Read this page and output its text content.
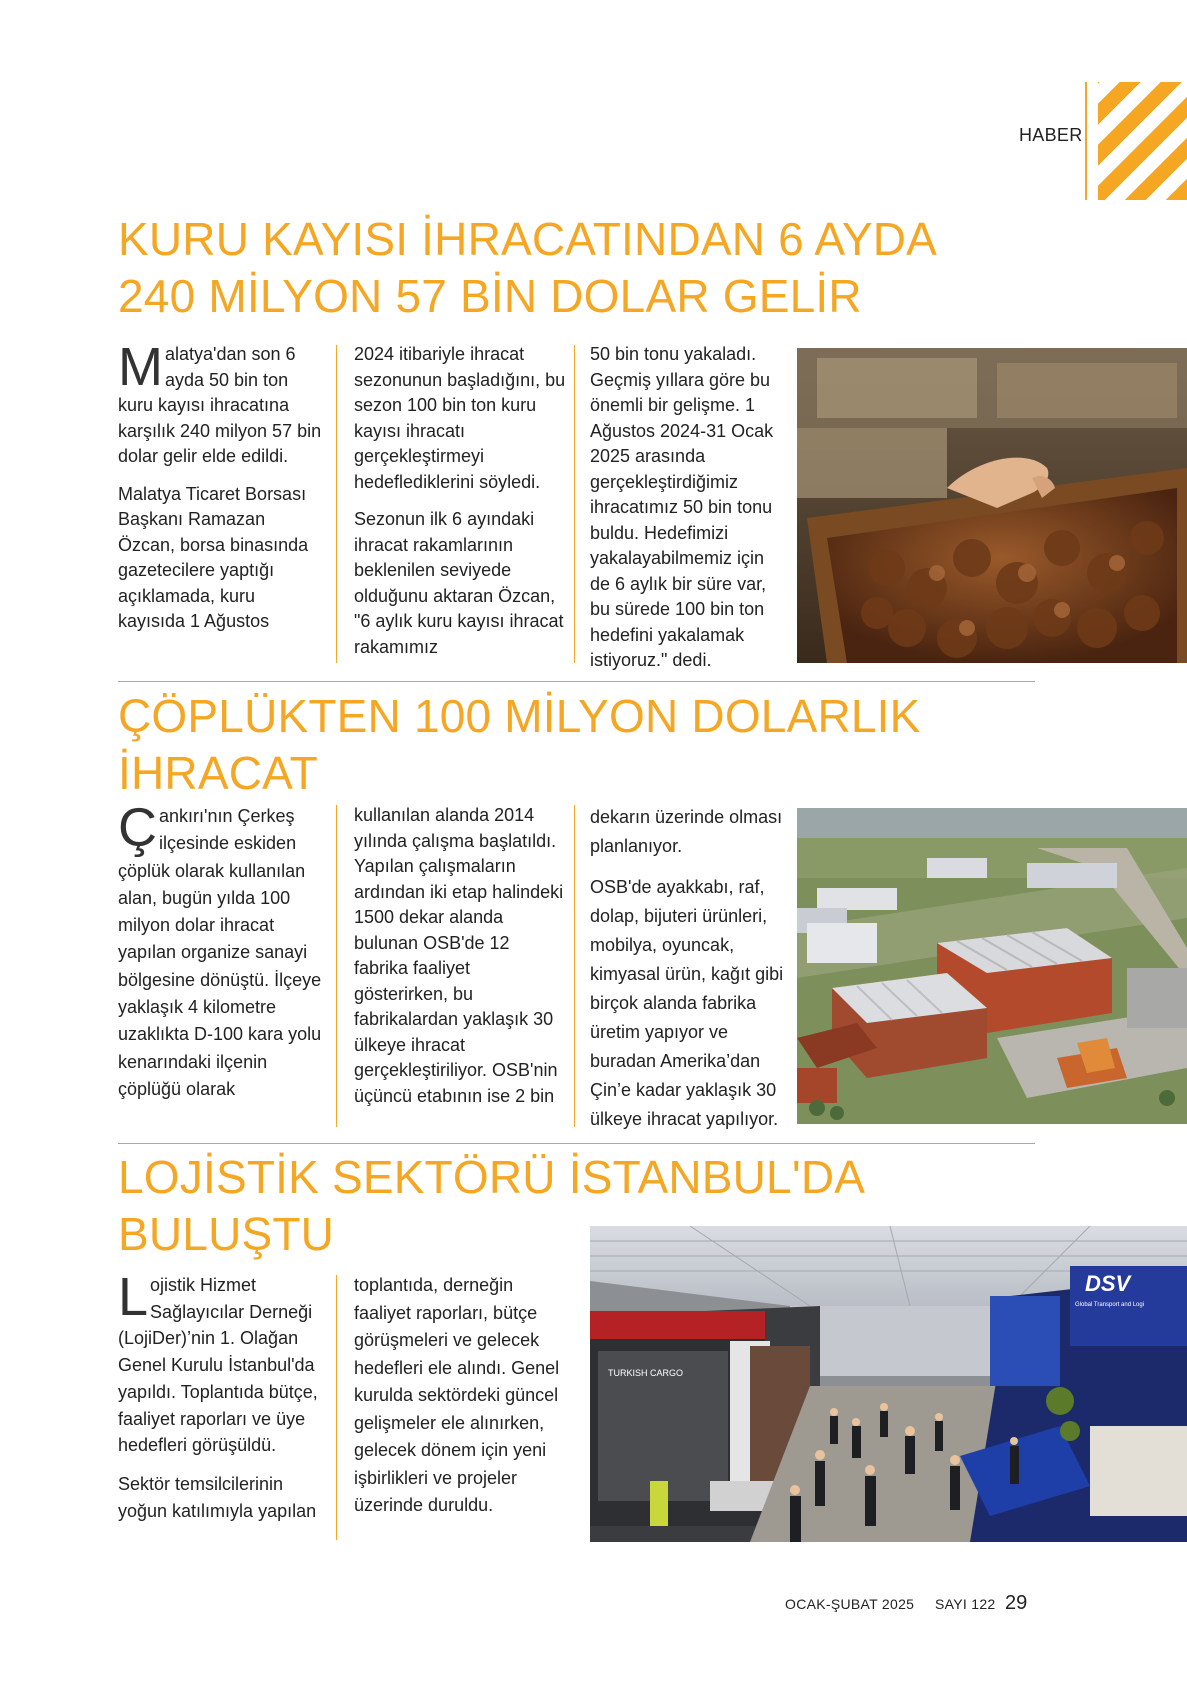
HABER
KURU KAYISI İHRACATINDAN 6 AYDA
240 MİLYON 57 BİN DOLAR GELİR

Malatya'dan son 6 ayda 50 bin ton kuru kayısı ihracatına karşılık 240 milyon 57 bin dolar gelir elde edildi.

Malatya Ticaret Borsası Başkanı Ramazan Özcan, borsa binasında gazetecilere yaptığı açıklamada, kuru kayısıda 1 Ağustos

2024 itibariyle ihracat sezonunun başladığını, bu sezon 100 bin ton kuru kayısı ihracatı gerçekleştirmeyi hedeflediklerini söyledi.

Sezonun ilk 6 ayındaki ihracat rakamlarının beklenilen seviyede olduğunu aktaran Özcan, "6 aylık kuru kayısı ihracat rakamımız

50 bin tonu yakaladı. Geçmiş yıllara göre bu önemli bir gelişme. 1 Ağustos 2024-31 Ocak 2025 arasında gerçekleştirdiğimiz ihracatımız 50 bin tonu buldu. Hedefimizi yakalayabilmemiz için de 6 aylık bir süre var, bu sürede 100 bin ton hedefini yakalamak istiyoruz." dedi.

ÇÖPLÜKTEN 100 MİLYON DOLARLIK
İHRACAT

Çankırı'nın Çerkeş ilçesinde eskiden çöplük olarak kullanılan alan, bugün yılda 100 milyon dolar ihracat yapılan organize sanayi bölgesine dönüştü. İlçeye yaklaşık 4 kilometre uzaklıkta D-100 kara yolu kenarındaki ilçenin çöplüğü olarak

kullanılan alanda 2014 yılında çalışma başlatıldı. Yapılan çalışmaların ardından iki etap halindeki 1500 dekar alanda bulunan OSB'de 12 fabrika faaliyet gösterirken, bu fabrikalardan yaklaşık 30 ülkeye ihracat gerçekleştiriliyor. OSB'nin üçüncü etabının ise 2 bin

dekarın üzerinde olması planlanıyor.

OSB'de ayakkabı, raf, dolap, bijuteri ürünleri, mobilya, oyuncak, kimyasal ürün, kağıt gibi birçok alanda fabrika üretim yapıyor ve buradan Amerika’dan Çin’e kadar yaklaşık 30 ülkeye ihracat yapılıyor.

LOJİSTİK SEKTÖRÜ İSTANBUL'DA
BULUŞTU

Lojistik Hizmet Sağlayıcılar Derneği (LojiDer)’nin 1. Olağan Genel Kurulu İstanbul'da yapıldı. Toplantıda bütçe, faaliyet raporları ve üye hedefleri görüşüldü.

Sektör temsilcilerinin yoğun katılımıyla yapılan

toplantıda, derneğin faaliyet raporları, bütçe görüşmeleri ve gelecek hedefleri ele alındı. Genel kurulda sektördeki güncel gelişmeler ele alınırken, gelecek dönem için yeni işbirlikleri ve projeler üzerinde duruldu.

TURKISH CARGO
DSV
Global Transport and Logi
OCAK-ŞUBAT 2025 SAYI 122 29
